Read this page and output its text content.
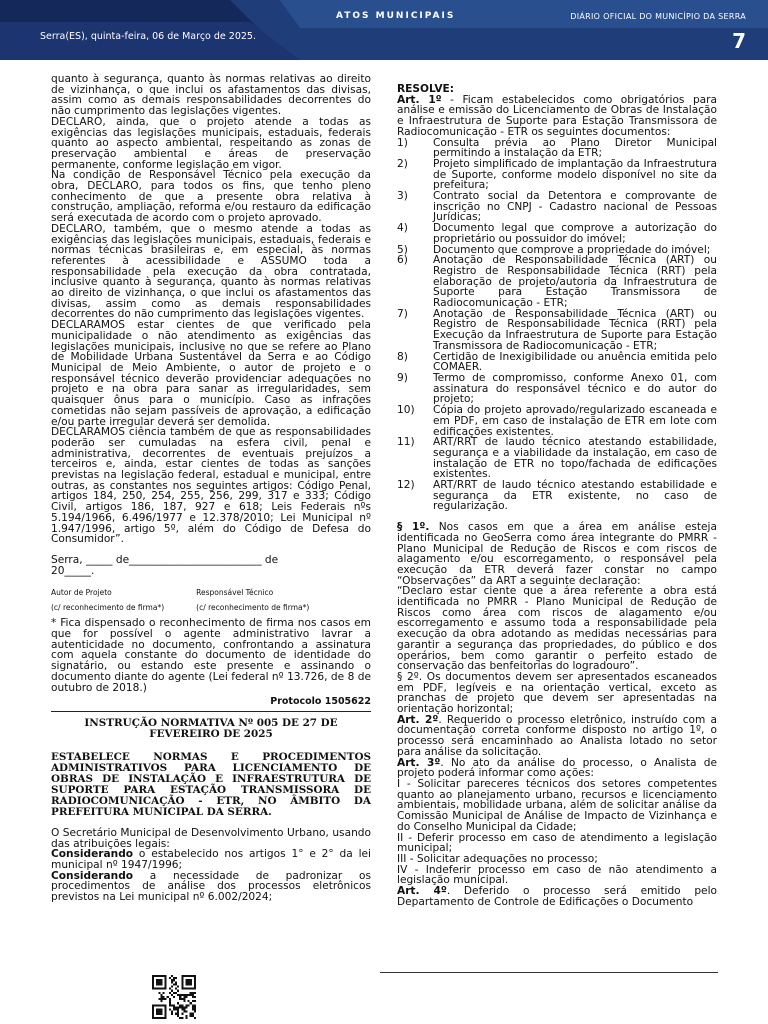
ATOS MUNICIPAIS	DIÁRIO OFICIAL DO MUNICÍPIO DA SERRA
Serra(ES), quinta-feira, 06 de Março de 2025.	7

quanto à segurança, quanto às normas relativas ao direito de vizinhança, o que inclui os afastamentos das divisas, assim como as demais responsabilidades decorrentes do não cumprimento das legislações vigentes.

DECLARO, ainda, que o projeto atende a todas as exigências das legislações municipais, estaduais, federais quanto ao aspecto ambiental, respeitando as zonas de preservação ambiental e áreas de preservação permanente, conforme legislação em vigor.

Na condição de Responsável Técnico pela execução da obra, DECLARO, para todos os fins, que tenho pleno conhecimento de que a presente obra relativa à construção, ampliação, reforma e/ou restauro da edificação será executada de acordo com o projeto aprovado.

DECLARO, também, que o mesmo atende a todas as exigências das legislações municipais, estaduais, federais e normas técnicas brasileiras e, em especial, às normas referentes à acessibilidade e ASSUMO toda a responsabilidade pela execução da obra contratada, inclusive quanto à segurança, quanto às normas relativas ao direito de vizinhança, o que inclui os afastamentos das divisas, assim como as demais responsabilidades decorrentes do não cumprimento das legislações vigentes.

DECLARAMOS estar cientes de que verificado pela municipalidade o não atendimento as exigências das legislações municipais, inclusive no que se refere ao Plano de Mobilidade Urbana Sustentável da Serra e ao Código Municipal de Meio Ambiente, o autor de projeto e o responsável técnico deverão providenciar adequações no projeto e na obra para sanar as irregularidades, sem quaisquer ônus para o município. Caso as infrações cometidas não sejam passíveis de aprovação, a edificação e/ou parte irregular deverá ser demolida.

DECLARAMOS ciência também de que as responsabilidades poderão ser cumuladas na esfera civil, penal e administrativa, decorrentes de eventuais prejuízos a terceiros e, ainda, estar cientes de todas as sanções previstas na legislação federal, estadual e municipal, entre outras, as constantes nos seguintes artigos: Código Penal, artigos 184, 250, 254, 255, 256, 299, 317 e 333; Código Civil, artigos 186, 187, 927 e 618; Leis Federais nºs 5.194/1966, 6.496/1977 e 12.378/2010; Lei Municipal nº 1.947/1996, artigo 5º, além do Código de Defesa do Consumidor”.

Serra, _____ de_________________________ de

20_____.

Autor de Projeto
(c/ reconhecimento de firma*)
Responsável Técnico
(c/ reconhecimento de firma*)

* Fica dispensado o reconhecimento de firma nos casos em que for possível o agente administrativo lavrar a autenticidade no documento, confrontando a assinatura com aquela constante do documento de identidade do signatário, ou estando este presente e assinando o documento diante do agente (Lei federal nº 13.726, de 8 de outubro de 2018.)

Protocolo 1505622
INSTRUÇÃO NORMATIVA Nº 005 DE 27 DE FEVEREIRO DE 2025
ESTABELECE NORMAS E PROCEDIMENTOS ADMINISTRATIVOS PARA LICENCIAMENTO DE OBRAS DE INSTALAÇÃO E INFRAESTRUTURA DE SUPORTE PARA ESTAÇÃO TRANSMISSORA DE RADIOCOMUNICAÇÃO - ETR, NO ÂMBITO DA PREFEITURA MUNICIPAL DA SERRA.

O Secretário Municipal de Desenvolvimento Urbano, usando das atribuições legais:

Considerando o estabelecido nos artigos 1° e 2° da lei municipal nº 1947/1996;

Considerando a necessidade de padronizar os procedimentos de análise dos processos eletrônicos previstos na Lei municipal nº 6.002/2024;

RESOLVE:

Art. 1º - Ficam estabelecidos como obrigatórios para análise e emissão do Licenciamento de Obras de Instalação e Infraestrutura de Suporte para Estação Transmissora de Radiocomunicação - ETR os seguintes documentos:

1)	Consulta prévia ao Plano Diretor Municipal permitindo a instalação da ETR;
2)	Projeto simplificado de implantação da Infraestrutura de Suporte, conforme modelo disponível no site da prefeitura;
3)	Contrato social da Detentora e comprovante de inscrição no CNPJ - Cadastro nacional de Pessoas Jurídicas;
4)	Documento legal que comprove a autorização do proprietário ou possuidor do imóvel;
5)	Documento que comprove a propriedade do imóvel;
6)	Anotação de Responsabilidade Técnica (ART) ou Registro de Responsabilidade Técnica (RRT) pela elaboração de projeto/autoria da Infraestrutura de Suporte para Estação Transmissora de Radiocomunicação - ETR;
7)	Anotação de Responsabilidade Técnica (ART) ou Registro de Responsabilidade Técnica (RRT) pela Execução da Infraestrutura de Suporte para Estação Transmissora de Radiocomunicação - ETR;
8)	Certidão de Inexigibilidade ou anuência emitida pelo COMAER.
9)	Termo de compromisso, conforme Anexo 01, com assinatura do responsável técnico e do autor do projeto;
10)	Cópia do projeto aprovado/regularizado escaneada e em PDF, em caso de instalação de ETR em lote com edificações existentes.
11)	ART/RRT de laudo técnico atestando estabilidade, segurança e a viabilidade da instalação, em caso de instalação de ETR no topo/fachada de edificações existentes.
12)	ART/RRT de laudo técnico atestando estabilidade e segurança da ETR existente, no caso de regularização.

§ 1º. Nos casos em que a área em análise esteja identificada no GeoSerra como área integrante do PMRR - Plano Municipal de Redução de Riscos e com riscos de alagamento e/ou escorregamento, o responsável pela execução da ETR deverá fazer constar no campo “Observações” da ART a seguinte declaração:

“Declaro estar ciente que a área referente a obra está identificada no PMRR - Plano Municipal de Redução de Riscos como área com riscos de alagamento e/ou escorregamento e assumo toda a responsabilidade pela execução da obra adotando as medidas necessárias para garantir a segurança das propriedades, do público e dos operários, bem como garantir o perfeito estado de conservação das benfeitorias do logradouro”.

§ 2º. Os documentos devem ser apresentados escaneados em PDF, legíveis e na orientação vertical, exceto as pranchas de projeto que devem ser apresentadas na orientação horizontal;

Art. 2º. Requerido o processo eletrônico, instruído com a documentação correta conforme disposto no artigo 1º, o processo será encaminhado ao Analista lotado no setor para análise da solicitação.

Art. 3º. No ato da análise do processo, o Analista de projeto poderá informar como ações:

I - Solicitar pareceres técnicos dos setores competentes quanto ao planejamento urbano, recursos e licenciamento ambientais, mobilidade urbana, além de solicitar análise da Comissão Municipal de Análise de Impacto de Vizinhança e do Conselho Municipal da Cidade;

II - Deferir processo em caso de atendimento a legislação municipal;

III - Solicitar adequações no processo;

IV - Indeferir processo em caso de não atendimento a legislação municipal.

Art. 4º. Deferido o processo será emitido pelo Departamento de Controle de Edificações o Documento
